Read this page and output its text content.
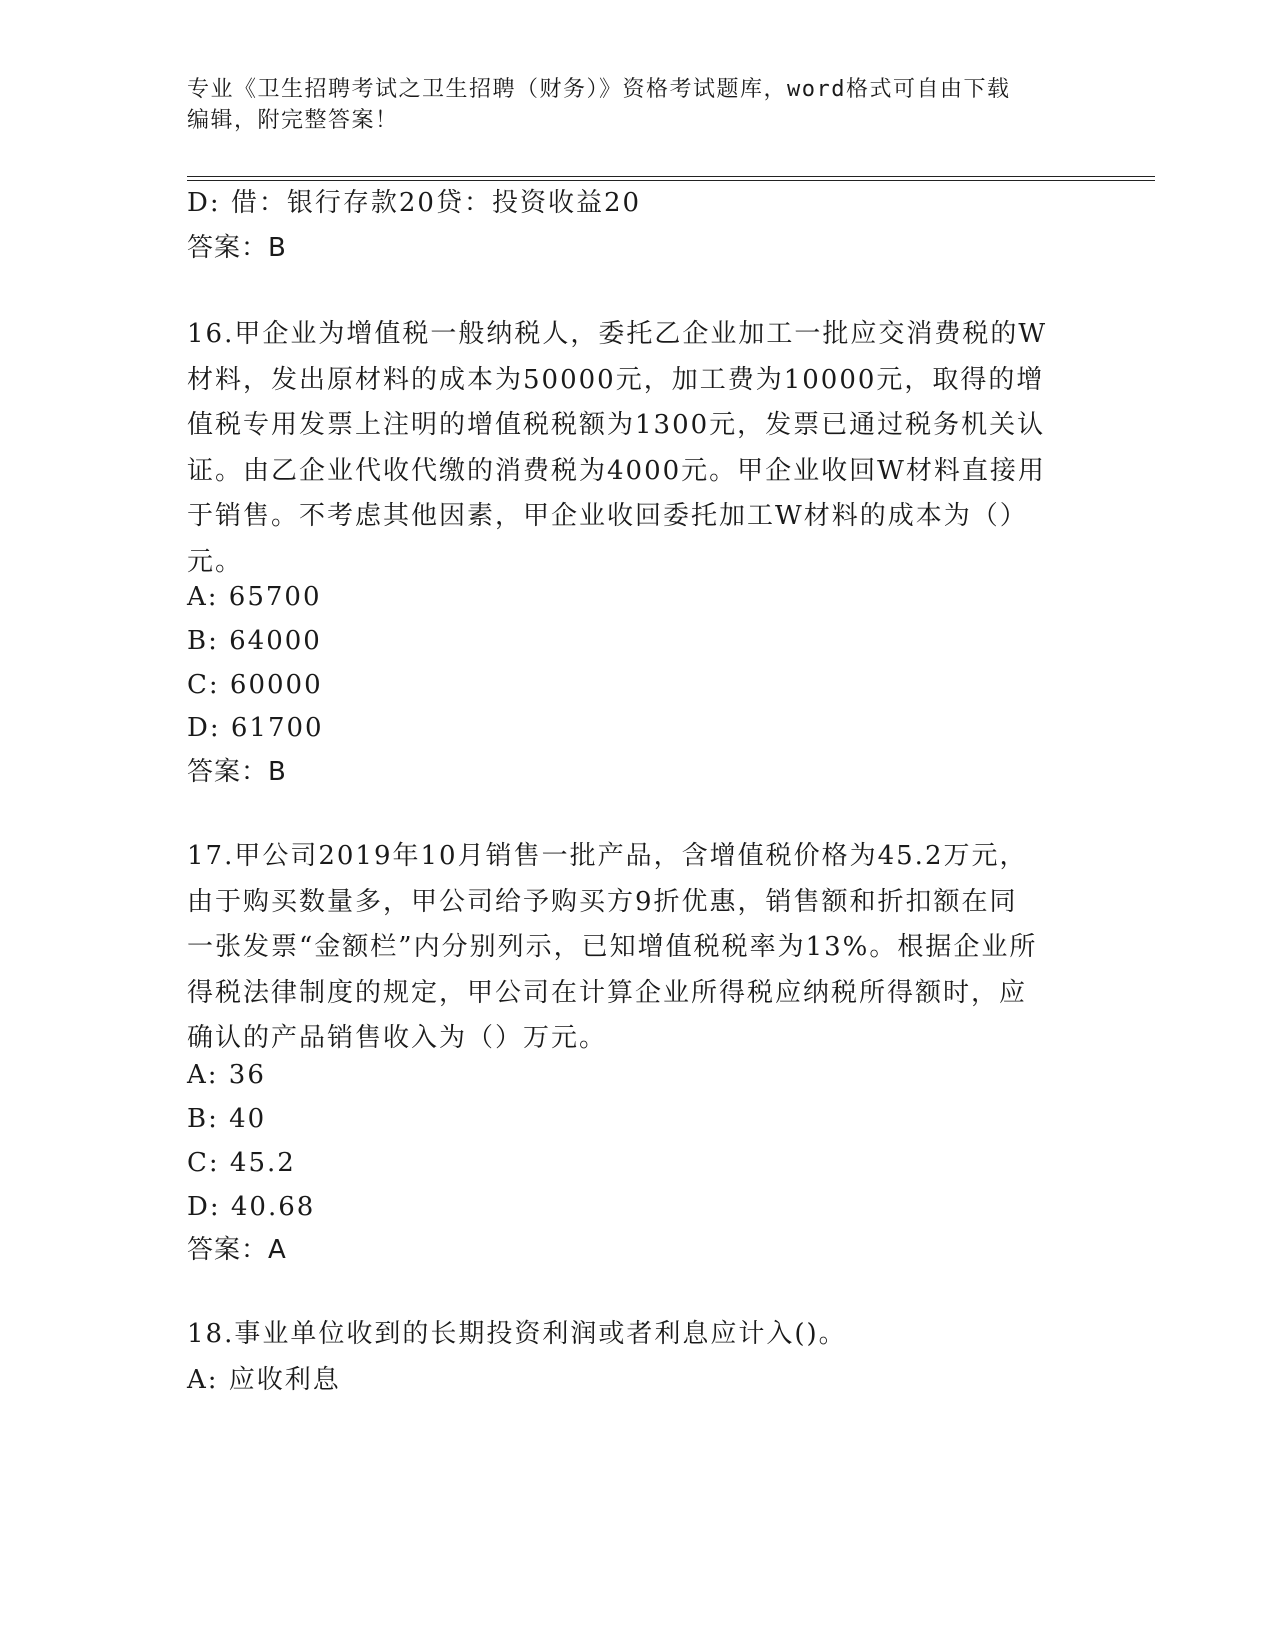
专业《卫生招聘考试之卫生招聘（财务）》资格考试题库，word格式可自由下载
编辑，附完整答案！
D: 借：银行存款20贷：投资收益20
答案：B
16.甲企业为增值税一般纳税人，委托乙企业加工一批应交消费税的W
材料，发出原材料的成本为50000元，加工费为10000元，取得的增
值税专用发票上注明的增值税税额为1300元，发票已通过税务机关认
证。由乙企业代收代缴的消费税为4000元。甲企业收回W材料直接用
于销售。不考虑其他因素，甲企业收回委托加工W材料的成本为（）
元。
A: 65700
B: 64000
C: 60000
D: 61700
答案：B
17.甲公司2019年10月销售一批产品，含增值税价格为45.2万元，
由于购买数量多，甲公司给予购买方9折优惠，销售额和折扣额在同
一张发票“金额栏”内分别列示，已知增值税税率为13%。根据企业所
得税法律制度的规定，甲公司在计算企业所得税应纳税所得额时，应
确认的产品销售收入为（）万元。
A: 36
B: 40
C: 45.2
D: 40.68
答案：A
18.事业单位收到的长期投资利润或者利息应计入()。
A: 应收利息
